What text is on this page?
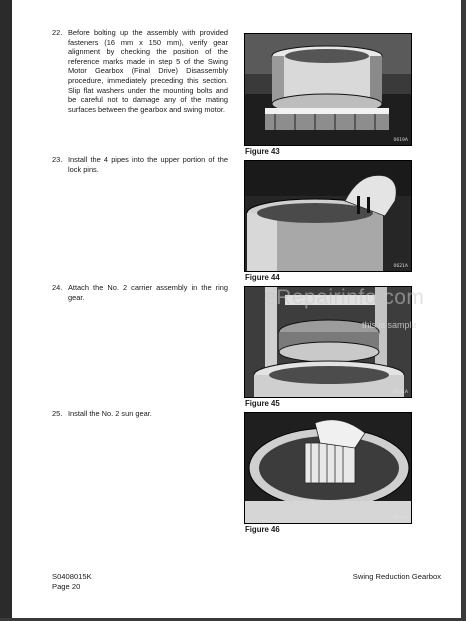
22. Before bolting up the assembly with provided fasteners (16 mm x 150 mm), verify gear alignment by checking the position of the reference marks made in step 5 of the Swing Motor Gearbox (Final Drive) Disassembly procedure, immediately preceding this section. Slip flat washers under the mounting bolts and be careful not to damage any of the mating surfaces between the gearbox and swing motor.
23. Install the 4 pipes into the upper portion of the lock pins.
24. Attach the No. 2 carrier assembly in the ring gear.
25. Install the No. 2 sun gear.
0619A
Figure 43
0621A
Figure 44
0621A
Figure 45
0622A
Figure 46
eRepairinfo.com
this is sample
S0408015K
Page 20
Swing Reduction Gearbox
